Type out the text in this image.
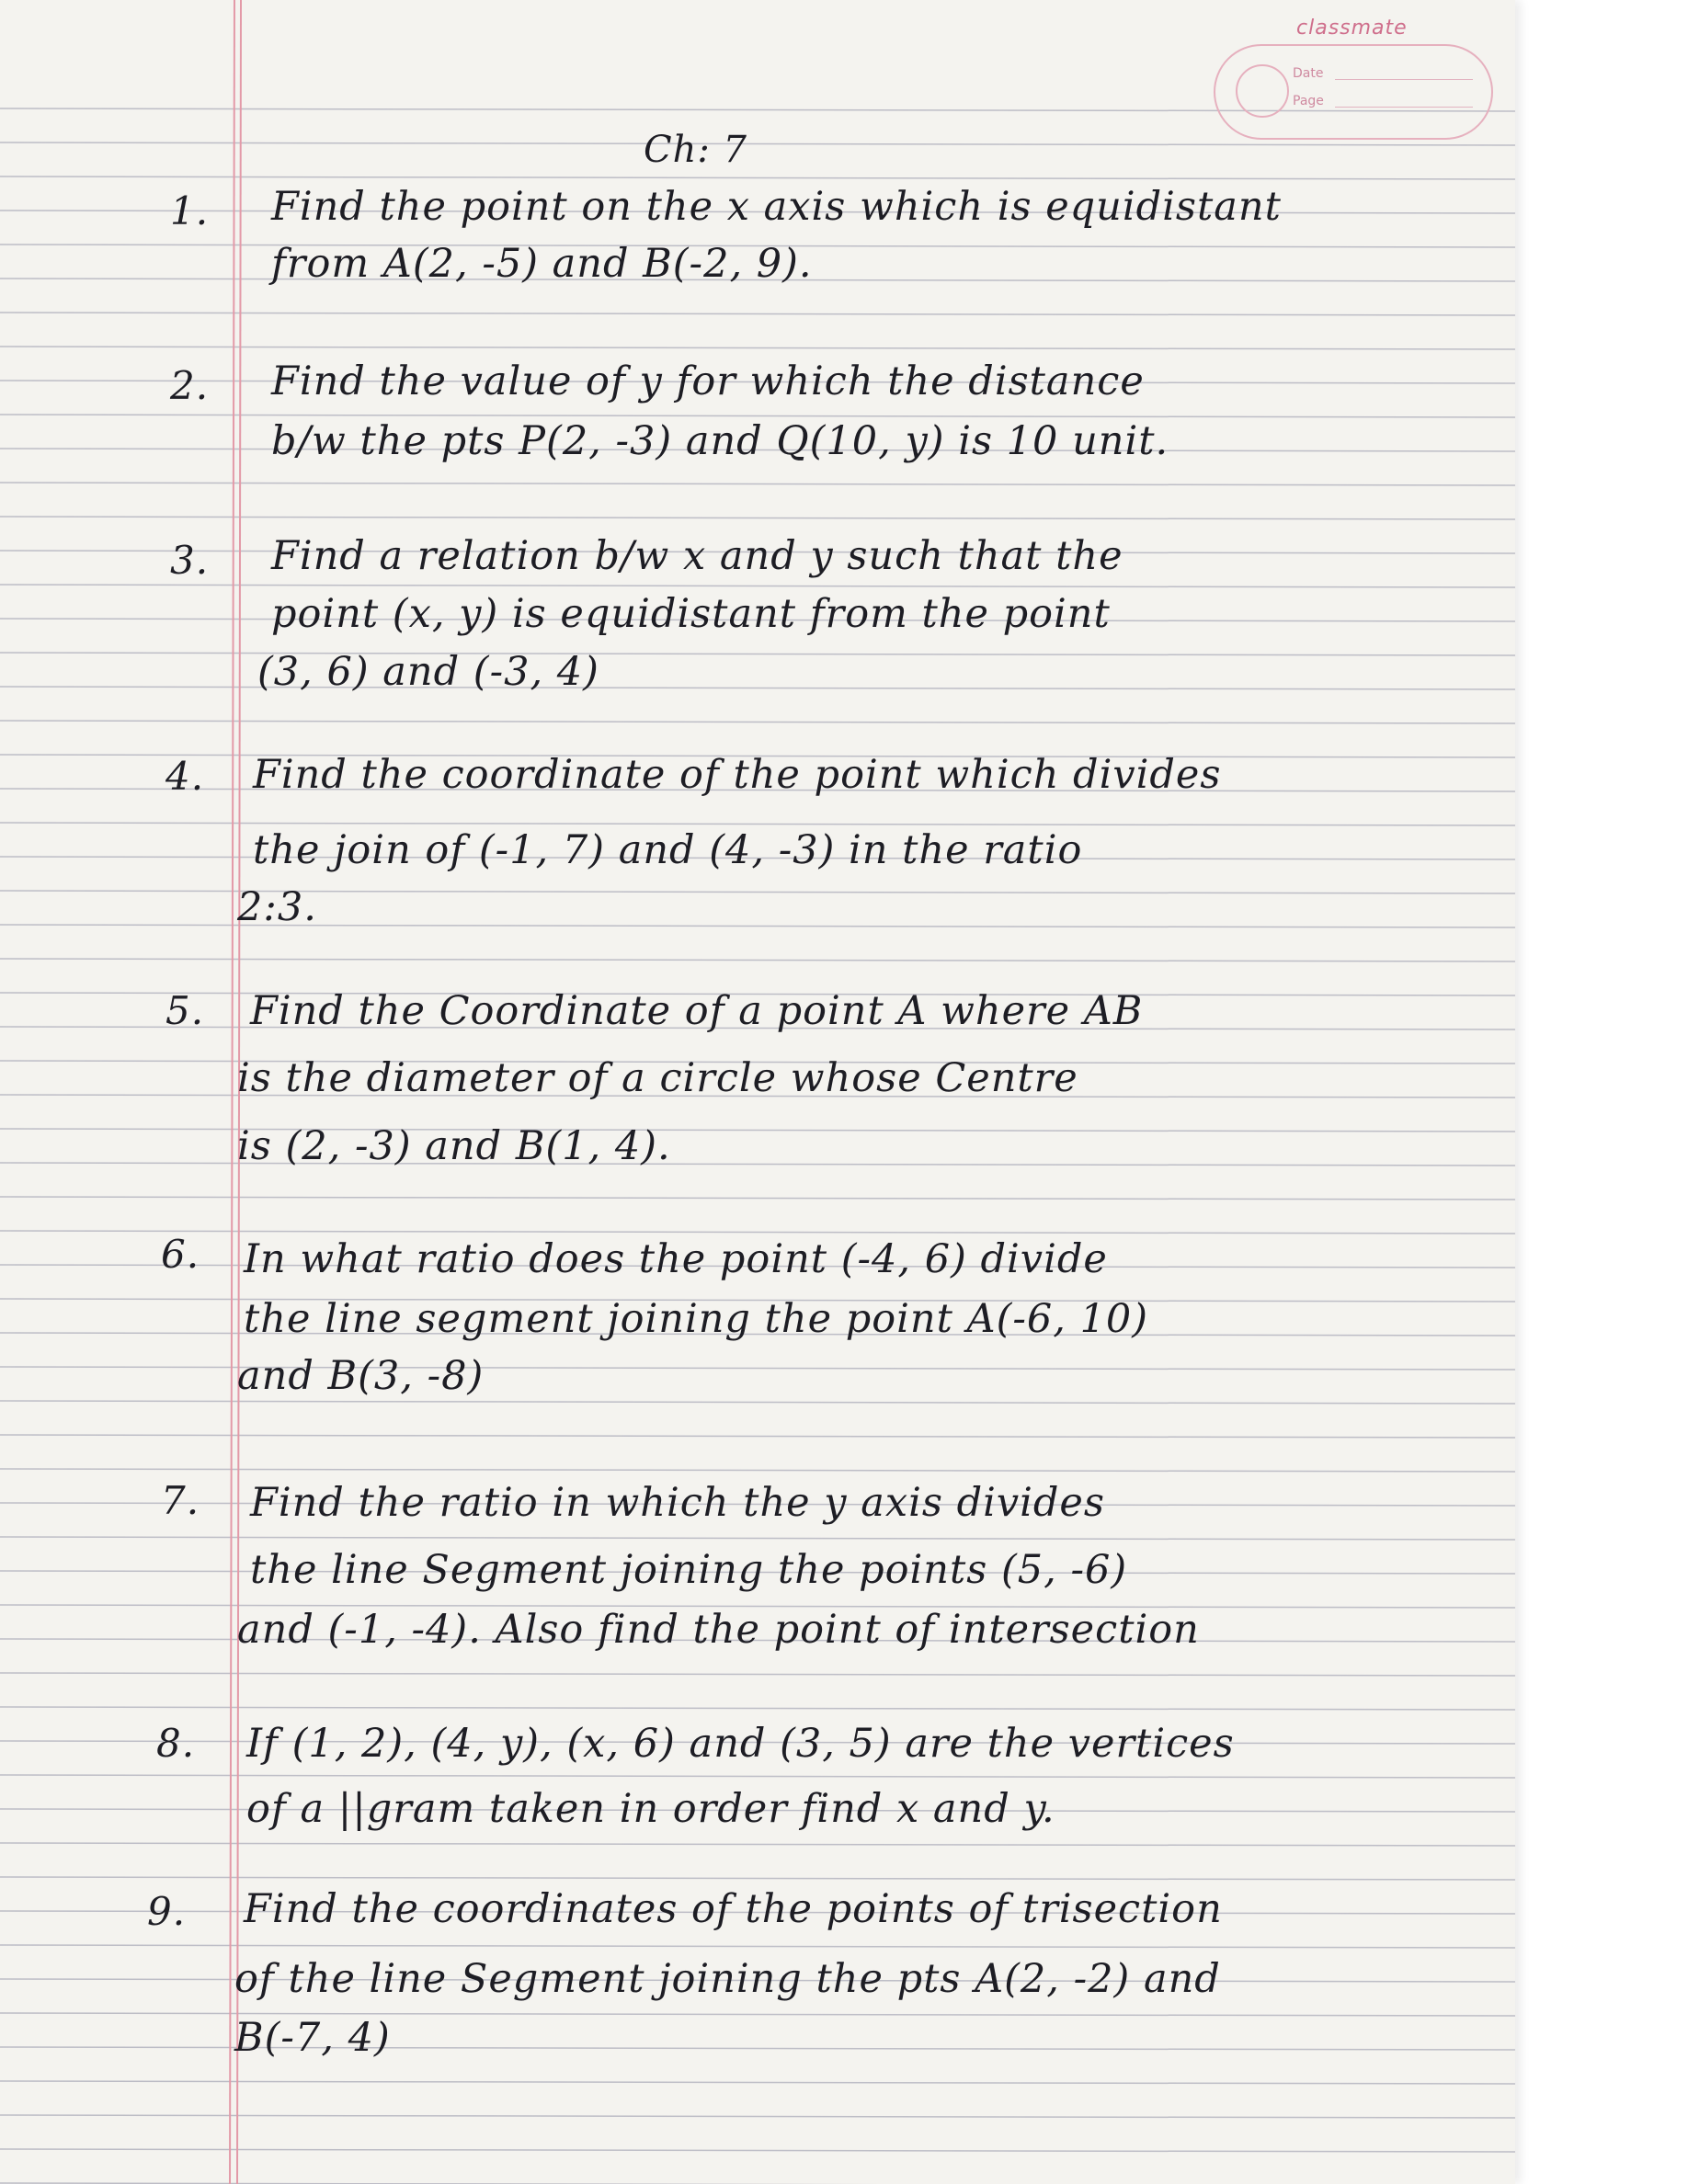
classmate
Date
Page
Ch: 7
1. Find the point on the x axis which is equidistant
from A(2, -5) and B(-2, 9).
2. Find the value of y for which the distance
b/w the pts P(2, -3) and Q(10, y) is 10 unit.
3. Find a relation b/w x and y such that the
point (x, y) is equidistant from the point
(3, 6) and (-3, 4)
4. Find the coordinate of the point which divides
the join of (-1, 7) and (4, -3) in the ratio
2:3.
5. Find the Coordinate of a point A where AB
is the diameter of a circle whose Centre
is (2, -3) and B(1, 4).
6. In what ratio does the point (-4, 6) divide
the line segment joining the point A(-6, 10)
and B(3, -8)
7. Find the ratio in which the y axis divides
the line Segment joining the points (5, -6)
and (-1, -4). Also find the point of intersection
8. If (1, 2), (4, y), (x, 6) and (3, 5) are the vertices
of a ||gram taken in order find x and y.
9. Find the coordinates of the points of trisection
of the line Segment joining the pts A(2, -2) and
B(-7, 4)
